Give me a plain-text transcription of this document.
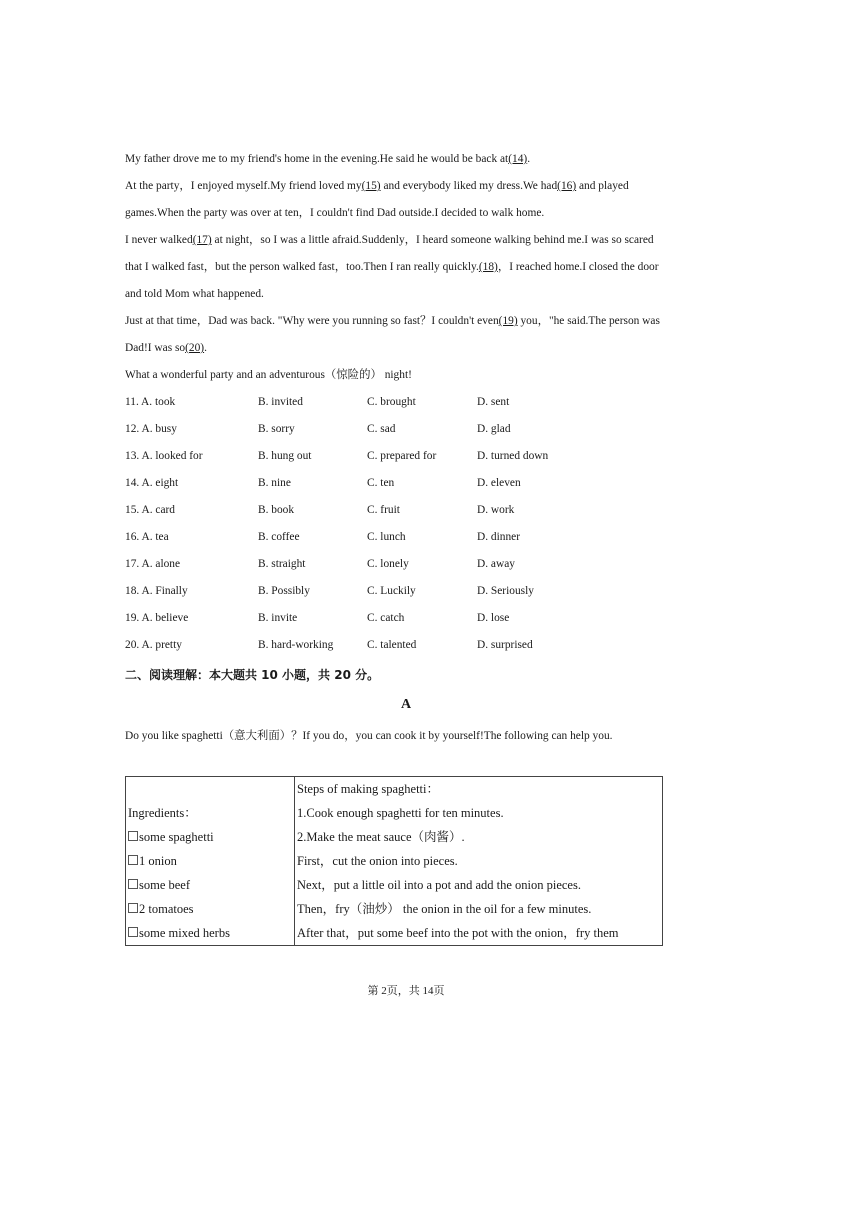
My father drove me to my friend's home in the evening.He said he would be back at(14).
At the party，I enjoyed myself.My friend loved my(15) and everybody liked my dress.We had(16) and played
games.When the party was over at ten，I couldn't find Dad outside.I decided to walk home.
I never walked(17) at night，so I was a little afraid.Suddenly，I heard someone walking behind me.I was so scared
that I walked fast，but the person walked fast，too.Then I ran really quickly.(18)，I reached home.I closed the door
and told Mom what happened.
Just at that time，Dad was back. "Why were you running so fast？I couldn't even(19) you，"he said.The person was
Dad!I was so(20).
What a wonderful party and an adventurous（惊险的） night!
11. A. took	B. invited	C. brought	D. sent
12. A. busy	B. sorry	C. sad	D. glad
13. A. looked for	B. hung out	C. prepared for	D. turned down
14. A. eight	B. nine	C. ten	D. eleven
15. A. card	B. book	C. fruit	D. work
16. A. tea	B. coffee	C. lunch	D. dinner
17. A. alone	B. straight	C. lonely	D. away
18. A. Finally	B. Possibly	C. Luckily	D. Seriously
19. A. believe	B. invite	C. catch	D. lose
20. A. pretty	B. hard-working	C. talented	D. surprised
二、阅读理解：本大题共 10 小题，共 20 分。
A
Do you like spaghetti（意大利面）？If you do，you can cook it by yourself!The following can help you.
Ingredients：
some spaghetti
1 onion
some beef
2 tomatoes
some mixed herbs

Steps of making spaghetti：
1.Cook enough spaghetti for ten minutes.
2.Make the meat sauce（肉酱）.
First，cut the onion into pieces.
Next，put a little oil into a pot and add the onion pieces.
Then，fry（油炒） the onion in the oil for a few minutes.
After that，put some beef into the pot with the onion，fry them
第 2页，共 14页
